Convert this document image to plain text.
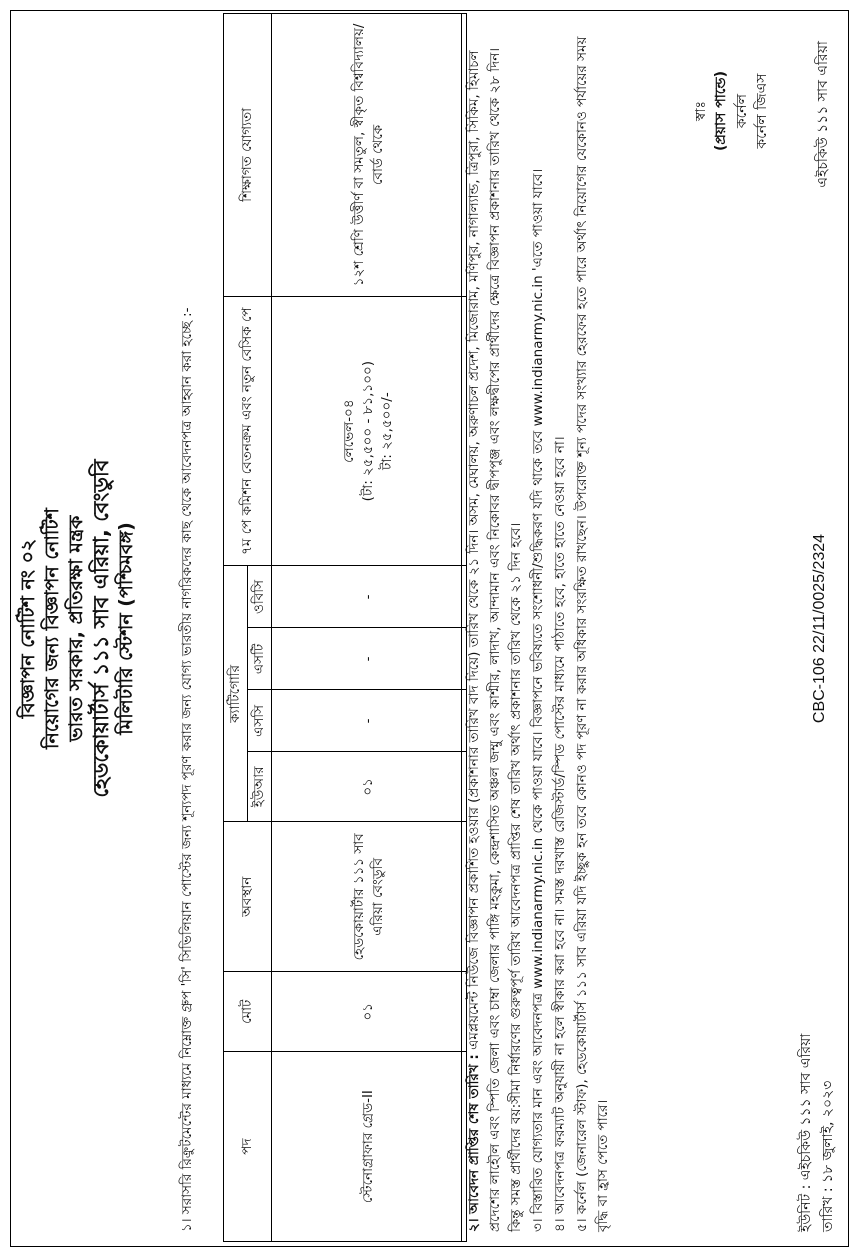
বিজ্ঞাপন নোটিশ নং ০২ নিয়োগের জন্য বিজ্ঞাপন নোটিশ ভারত সরকার, প্রতিরক্ষা মন্ত্রক হেডকোয়ার্টার্স ১১১ সাব এরিয়া, বেংডুবি মিলিটারি স্টেশন (পশ্চিমবঙ্গ)	১। সরাসরি রিক্রুটমেন্টের মাধ্যমে নিম্নোক্ত গ্রুপ 'সি' সিভিলিয়ান পোস্টের জন্য শূন্যপদ পূরণ করার জন্য যোগ্য ভারতীয় নাগরিকদের কাছ থেকে আবেদনপত্র আহ্বান করা হচ্ছে :-	পদ	মোট	অবস্থান	ক্যাটিগোরি				৭ম পে কমিশন বেতনক্রম এবং নতুন বেসিক পে	শিক্ষাগত যোগ্যতা
			ইউআর	এসসি	এসটি	ওবিসি		
স্টেনোগ্রাফার গ্রেড-II	০১	হেডকোয়ার্টার ১১১ সাব এরিয়া বেংডুবি	০১	-	-	-	লেভেল-০৪ (টা: ২৫,৫০০ - ৮১,১০০) টা: ২৫,৫০০/-	১২শ শ্রেণি উত্তীর্ণ বা সমতুল, স্বীকৃত বিশ্ববিদ্যালয়/বোর্ড থেকে

২। আবেদন প্রাপ্তির শেষ তারিখ : এমপ্লয়মেন্ট নিউজে বিজ্ঞাপন প্রকাশিত হওয়ার (প্রকাশনার তারিখ বাদ দিয়ে) তারিখ থেকে ২১ দিন। অসম, মেঘালয়, অরুণাচল প্রদেশ, মিজোরাম, মণিপুর, নাগাল্যান্ড, ত্রিপুরা, সিকিম, হিমাচল প্রদেশের লাহৌল এবং স্পিতি জেলা এবং চাম্বা জেলার পাঙ্গি মহকুমা, কেন্দ্রশাসিত অঞ্চল জম্মু এবং কাশ্মীর, লাদাখ, আন্দামান এবং নিকোবর দ্বীপপুঞ্জ এবং লক্ষদ্বীপের প্রার্থীদের ক্ষেত্রে বিজ্ঞাপন প্রকাশনার তারিখ থেকে ২৮ দিন। কিন্তু সমস্ত প্রার্থীদের বয়:সীমা নির্ধারণের গুরুত্বপূর্ণ তারিখ আবেদনপত্র প্রাপ্তির শেষ তারিখ অর্থাৎ প্রকাশনার তারিখ থেকে ২১ দিন হবে। ৩। বিস্তারিত যোগ্যতার মান এবং আবেদনপত্র www.indianarmy.nic.in থেকে পাওয়া যাবে। বিজ্ঞাপনে ভবিষ্যতে সংশোধনী/শুদ্ধিকরণ যদি থাকে তবে www.indianarmy.nic.in 'এতে পাওয়া যাবে। ৪। আবেদনপত্র ফরম্যাট অনুযায়ী না হলে স্বীকার করা হবে না। সমস্ত দরখাস্ত রেজিস্টার্ড/স্পিড পোস্টের মাধ্যমে পাঠাতে হবে, হাতে হাতে নেওয়া হবে না। ৫। কর্নেল (জেনারেল স্টাফ), হেডকোয়ার্টার্স ১১১ সাব এরিয়া যদি ইচ্ছুক হন তবে কোনও পদ পূরণ না করার অধিকার সংরক্ষিত রাখছেন। উপরোক্ত শূন্য পদের সংখ্যার হেরফের হতে পারে অর্থাৎ নিয়োগের যেকোনও পর্যায়ের সময় বৃদ্ধি বা হ্রাস পেতে পারে।

স্বাঃ (প্রয়াস পান্ডে) কর্নেল কর্নেল জিএস
ইউনিট : এইচকিউ ১১১ সাব এরিয়া তারিখ : ১৮ জুলাই, ২০২৩
CBC-106 22/11/0025/2324
এইচকিউ ১১১ সাব এরিয়া
